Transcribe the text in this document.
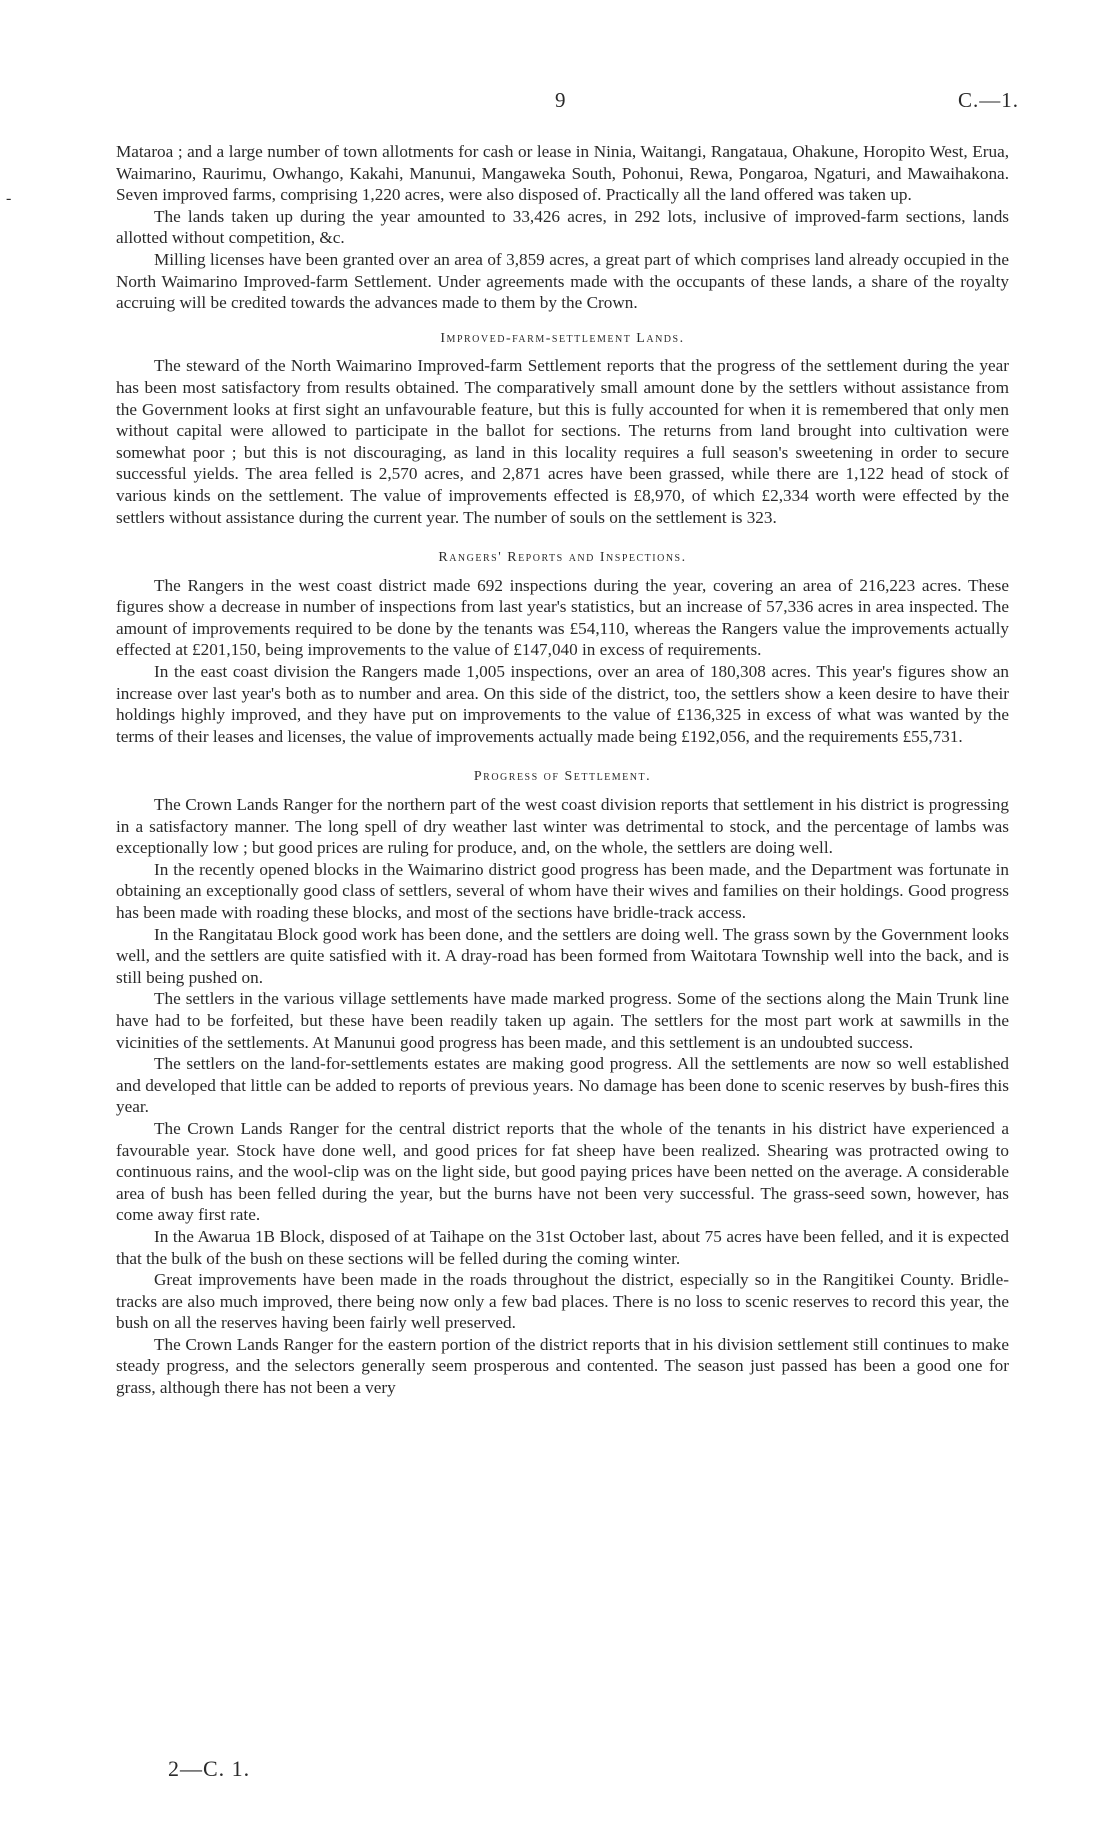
-
9	C.—1.

Mataroa ; and a large number of town allotments for cash or lease in Ninia, Waitangi, Rangataua, Ohakune, Horopito West, Erua, Waimarino, Raurimu, Owhango, Kakahi, Manunui, Mangaweka South, Pohonui, Rewa, Pongaroa, Ngaturi, and Mawaihakona. Seven improved farms, comprising 1,220 acres, were also disposed of. Practically all the land offered was taken up.

The lands taken up during the year amounted to 33,426 acres, in 292 lots, inclusive of improved-farm sections, lands allotted without competition, &c.

Milling licenses have been granted over an area of 3,859 acres, a great part of which comprises land already occupied in the North Waimarino Improved-farm Settlement. Under agreements made with the occupants of these lands, a share of the royalty accruing will be credited towards the advances made to them by the Crown.

Improved-farm-settlement Lands.

The steward of the North Waimarino Improved-farm Settlement reports that the progress of the settlement during the year has been most satisfactory from results obtained. The comparatively small amount done by the settlers without assistance from the Government looks at first sight an unfavourable feature, but this is fully accounted for when it is remembered that only men without capital were allowed to participate in the ballot for sections. The returns from land brought into cultivation were somewhat poor ; but this is not discouraging, as land in this locality requires a full season's sweetening in order to secure successful yields. The area felled is 2,570 acres, and 2,871 acres have been grassed, while there are 1,122 head of stock of various kinds on the settlement. The value of improvements effected is £8,970, of which £2,334 worth were effected by the settlers without assistance during the current year. The number of souls on the settlement is 323.

Rangers' Reports and Inspections.

The Rangers in the west coast district made 692 inspections during the year, covering an area of 216,223 acres. These figures show a decrease in number of inspections from last year's statistics, but an increase of 57,336 acres in area inspected. The amount of improvements required to be done by the tenants was £54,110, whereas the Rangers value the improvements actually effected at £201,150, being improvements to the value of £147,040 in excess of requirements.

In the east coast division the Rangers made 1,005 inspections, over an area of 180,308 acres. This year's figures show an increase over last year's both as to number and area. On this side of the district, too, the settlers show a keen desire to have their holdings highly improved, and they have put on improvements to the value of £136,325 in excess of what was wanted by the terms of their leases and licenses, the value of improvements actually made being £192,056, and the requirements £55,731.

Progress of Settlement.

The Crown Lands Ranger for the northern part of the west coast division reports that settlement in his district is progressing in a satisfactory manner. The long spell of dry weather last winter was detrimental to stock, and the percentage of lambs was exceptionally low ; but good prices are ruling for produce, and, on the whole, the settlers are doing well.

In the recently opened blocks in the Waimarino district good progress has been made, and the Department was fortunate in obtaining an exceptionally good class of settlers, several of whom have their wives and families on their holdings. Good progress has been made with roading these blocks, and most of the sections have bridle-track access.

In the Rangitatau Block good work has been done, and the settlers are doing well. The grass sown by the Government looks well, and the settlers are quite satisfied with it. A dray-road has been formed from Waitotara Township well into the back, and is still being pushed on.

The settlers in the various village settlements have made marked progress. Some of the sections along the Main Trunk line have had to be forfeited, but these have been readily taken up again. The settlers for the most part work at sawmills in the vicinities of the settlements. At Manunui good progress has been made, and this settlement is an undoubted success.

The settlers on the land-for-settlements estates are making good progress. All the settlements are now so well established and developed that little can be added to reports of previous years. No damage has been done to scenic reserves by bush-fires this year.

The Crown Lands Ranger for the central district reports that the whole of the tenants in his district have experienced a favourable year. Stock have done well, and good prices for fat sheep have been realized. Shearing was protracted owing to continuous rains, and the wool-clip was on the light side, but good paying prices have been netted on the average. A considerable area of bush has been felled during the year, but the burns have not been very successful. The grass-seed sown, however, has come away first rate.

In the Awarua 1B Block, disposed of at Taihape on the 31st October last, about 75 acres have been felled, and it is expected that the bulk of the bush on these sections will be felled during the coming winter.

Great improvements have been made in the roads throughout the district, especially so in the Rangitikei County. Bridle-tracks are also much improved, there being now only a few bad places. There is no loss to scenic reserves to record this year, the bush on all the reserves having been fairly well preserved.

The Crown Lands Ranger for the eastern portion of the district reports that in his division settlement still continues to make steady progress, and the selectors generally seem prosperous and contented. The season just passed has been a good one for grass, although there has not been a very

2—C. 1.
